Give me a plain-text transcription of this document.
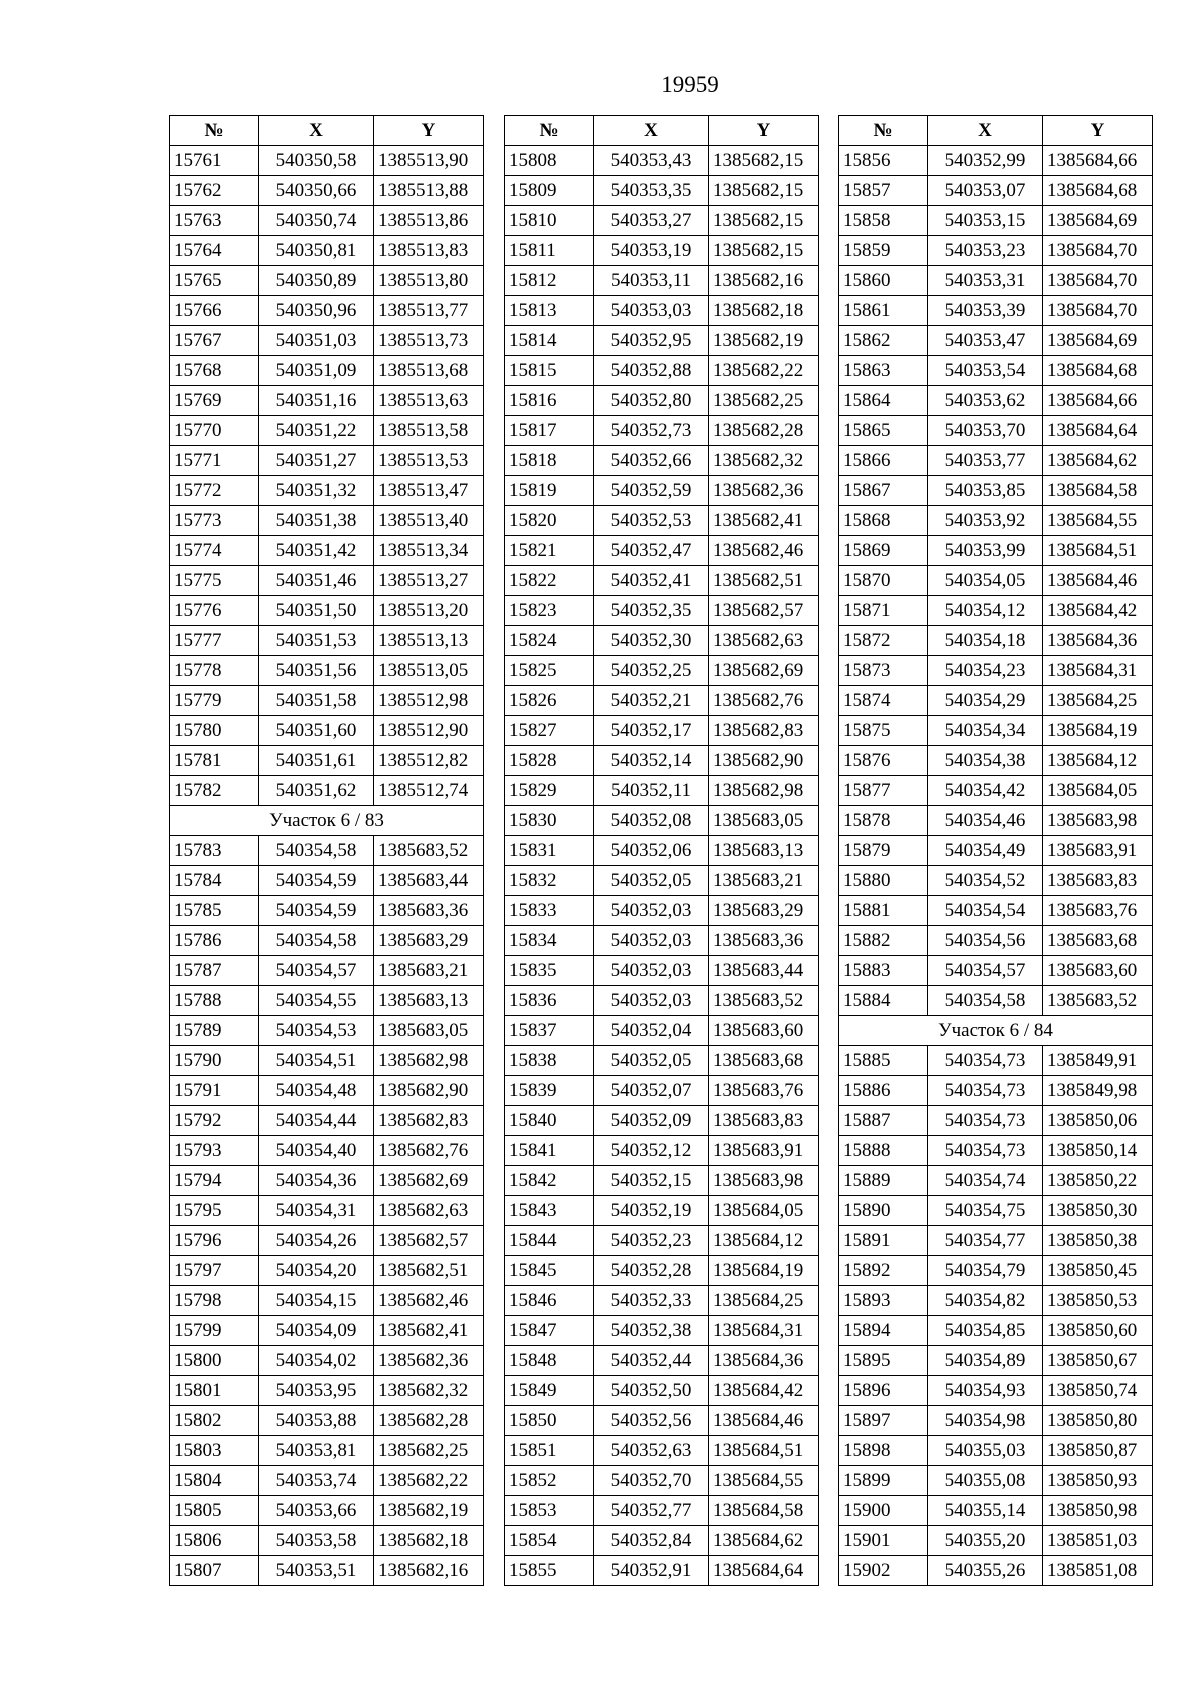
19959
№	X	Y
15761	540350,58	1385513,90
15762	540350,66	1385513,88
15763	540350,74	1385513,86
15764	540350,81	1385513,83
15765	540350,89	1385513,80
15766	540350,96	1385513,77
15767	540351,03	1385513,73
15768	540351,09	1385513,68
15769	540351,16	1385513,63
15770	540351,22	1385513,58
15771	540351,27	1385513,53
15772	540351,32	1385513,47
15773	540351,38	1385513,40
15774	540351,42	1385513,34
15775	540351,46	1385513,27
15776	540351,50	1385513,20
15777	540351,53	1385513,13
15778	540351,56	1385513,05
15779	540351,58	1385512,98
15780	540351,60	1385512,90
15781	540351,61	1385512,82
15782	540351,62	1385512,74
Участок 6 / 83		
15783	540354,58	1385683,52
15784	540354,59	1385683,44
15785	540354,59	1385683,36
15786	540354,58	1385683,29
15787	540354,57	1385683,21
15788	540354,55	1385683,13
15789	540354,53	1385683,05
15790	540354,51	1385682,98
15791	540354,48	1385682,90
15792	540354,44	1385682,83
15793	540354,40	1385682,76
15794	540354,36	1385682,69
15795	540354,31	1385682,63
15796	540354,26	1385682,57
15797	540354,20	1385682,51
15798	540354,15	1385682,46
15799	540354,09	1385682,41
15800	540354,02	1385682,36
15801	540353,95	1385682,32
15802	540353,88	1385682,28
15803	540353,81	1385682,25
15804	540353,74	1385682,22
15805	540353,66	1385682,19
15806	540353,58	1385682,18
15807	540353,51	1385682,16
№	X	Y
15808	540353,43	1385682,15
15809	540353,35	1385682,15
15810	540353,27	1385682,15
15811	540353,19	1385682,15
15812	540353,11	1385682,16
15813	540353,03	1385682,18
15814	540352,95	1385682,19
15815	540352,88	1385682,22
15816	540352,80	1385682,25
15817	540352,73	1385682,28
15818	540352,66	1385682,32
15819	540352,59	1385682,36
15820	540352,53	1385682,41
15821	540352,47	1385682,46
15822	540352,41	1385682,51
15823	540352,35	1385682,57
15824	540352,30	1385682,63
15825	540352,25	1385682,69
15826	540352,21	1385682,76
15827	540352,17	1385682,83
15828	540352,14	1385682,90
15829	540352,11	1385682,98
15830	540352,08	1385683,05
15831	540352,06	1385683,13
15832	540352,05	1385683,21
15833	540352,03	1385683,29
15834	540352,03	1385683,36
15835	540352,03	1385683,44
15836	540352,03	1385683,52
15837	540352,04	1385683,60
15838	540352,05	1385683,68
15839	540352,07	1385683,76
15840	540352,09	1385683,83
15841	540352,12	1385683,91
15842	540352,15	1385683,98
15843	540352,19	1385684,05
15844	540352,23	1385684,12
15845	540352,28	1385684,19
15846	540352,33	1385684,25
15847	540352,38	1385684,31
15848	540352,44	1385684,36
15849	540352,50	1385684,42
15850	540352,56	1385684,46
15851	540352,63	1385684,51
15852	540352,70	1385684,55
15853	540352,77	1385684,58
15854	540352,84	1385684,62
15855	540352,91	1385684,64
№	X	Y
15856	540352,99	1385684,66
15857	540353,07	1385684,68
15858	540353,15	1385684,69
15859	540353,23	1385684,70
15860	540353,31	1385684,70
15861	540353,39	1385684,70
15862	540353,47	1385684,69
15863	540353,54	1385684,68
15864	540353,62	1385684,66
15865	540353,70	1385684,64
15866	540353,77	1385684,62
15867	540353,85	1385684,58
15868	540353,92	1385684,55
15869	540353,99	1385684,51
15870	540354,05	1385684,46
15871	540354,12	1385684,42
15872	540354,18	1385684,36
15873	540354,23	1385684,31
15874	540354,29	1385684,25
15875	540354,34	1385684,19
15876	540354,38	1385684,12
15877	540354,42	1385684,05
15878	540354,46	1385683,98
15879	540354,49	1385683,91
15880	540354,52	1385683,83
15881	540354,54	1385683,76
15882	540354,56	1385683,68
15883	540354,57	1385683,60
15884	540354,58	1385683,52
Участок 6 / 84		
15885	540354,73	1385849,91
15886	540354,73	1385849,98
15887	540354,73	1385850,06
15888	540354,73	1385850,14
15889	540354,74	1385850,22
15890	540354,75	1385850,30
15891	540354,77	1385850,38
15892	540354,79	1385850,45
15893	540354,82	1385850,53
15894	540354,85	1385850,60
15895	540354,89	1385850,67
15896	540354,93	1385850,74
15897	540354,98	1385850,80
15898	540355,03	1385850,87
15899	540355,08	1385850,93
15900	540355,14	1385850,98
15901	540355,20	1385851,03
15902	540355,26	1385851,08
